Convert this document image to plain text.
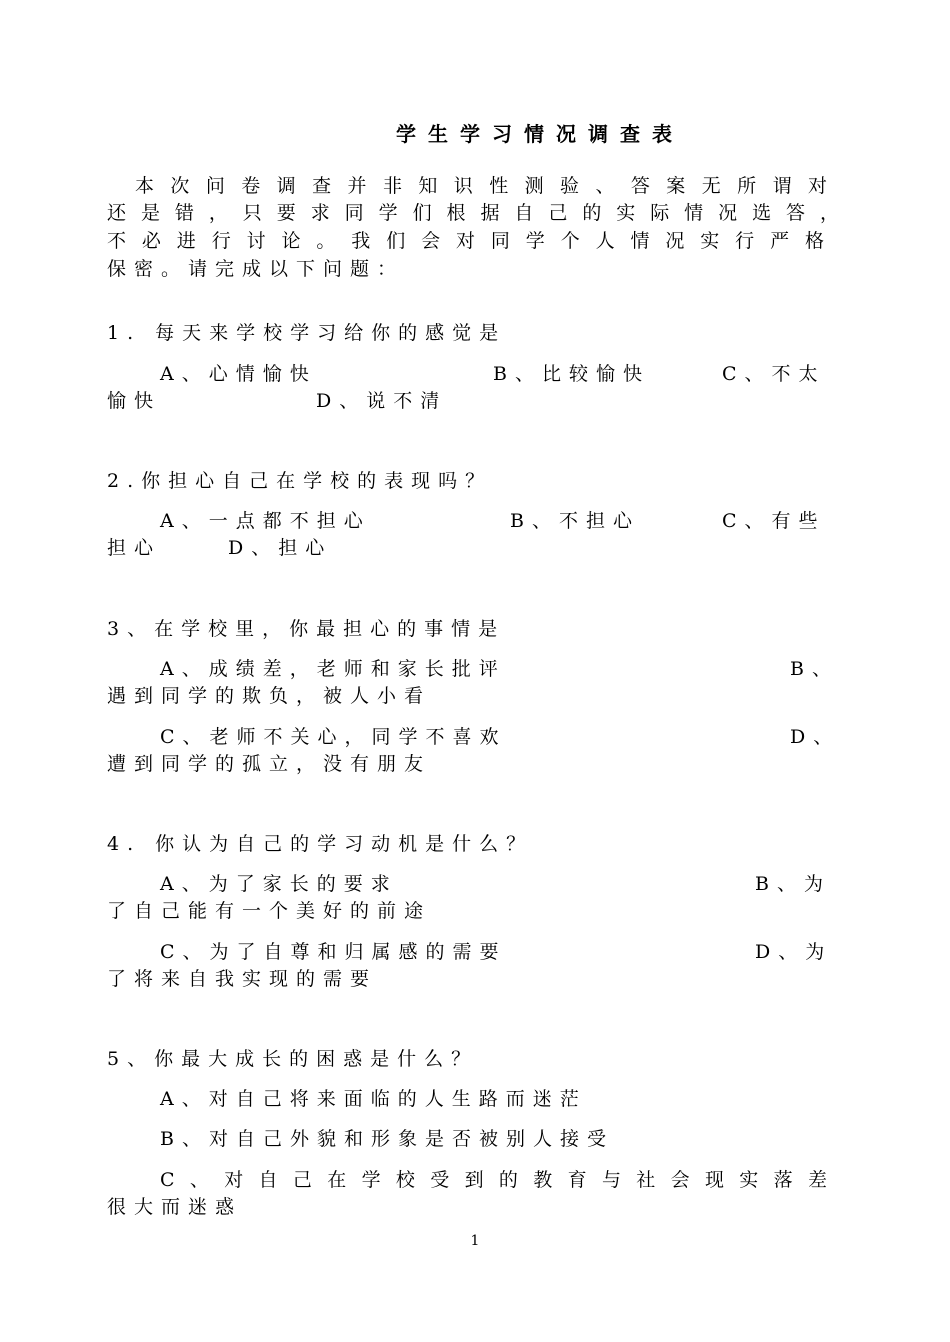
学生学习情况调查表
本次问卷调查并非知识性测验、答案无所谓对
还是错，只要求同学们根据自己的实际情况选答，
不必进行讨论。我们会对同学个人情况实行严格
保密。请完成以下问题：
1. 每天来学校学习给你的感觉是
A、心情愉快	B、比较愉快	C、不太
愉快	D、说不清
2.你担心自己在学校的表现吗？
A、一点都不担心	B、不担心	C、有些
担心	D、担心
3、在学校里，你最担心的事情是
A、成绩差，老师和家长批评	B、
遇到同学的欺负，被人小看
C、老师不关心，同学不喜欢	D、
遭到同学的孤立，没有朋友
4. 你认为自己的学习动机是什么？
A、为了家长的要求	B、为
了自己能有一个美好的前途
C、为了自尊和归属感的需要	D、为
了将来自我实现的需要
5、你最大成长的困惑是什么？
A、对自己将来面临的人生路而迷茫
B、对自己外貌和形象是否被别人接受
C、对自己在学校受到的教育与社会现实落差
很大而迷惑
1
